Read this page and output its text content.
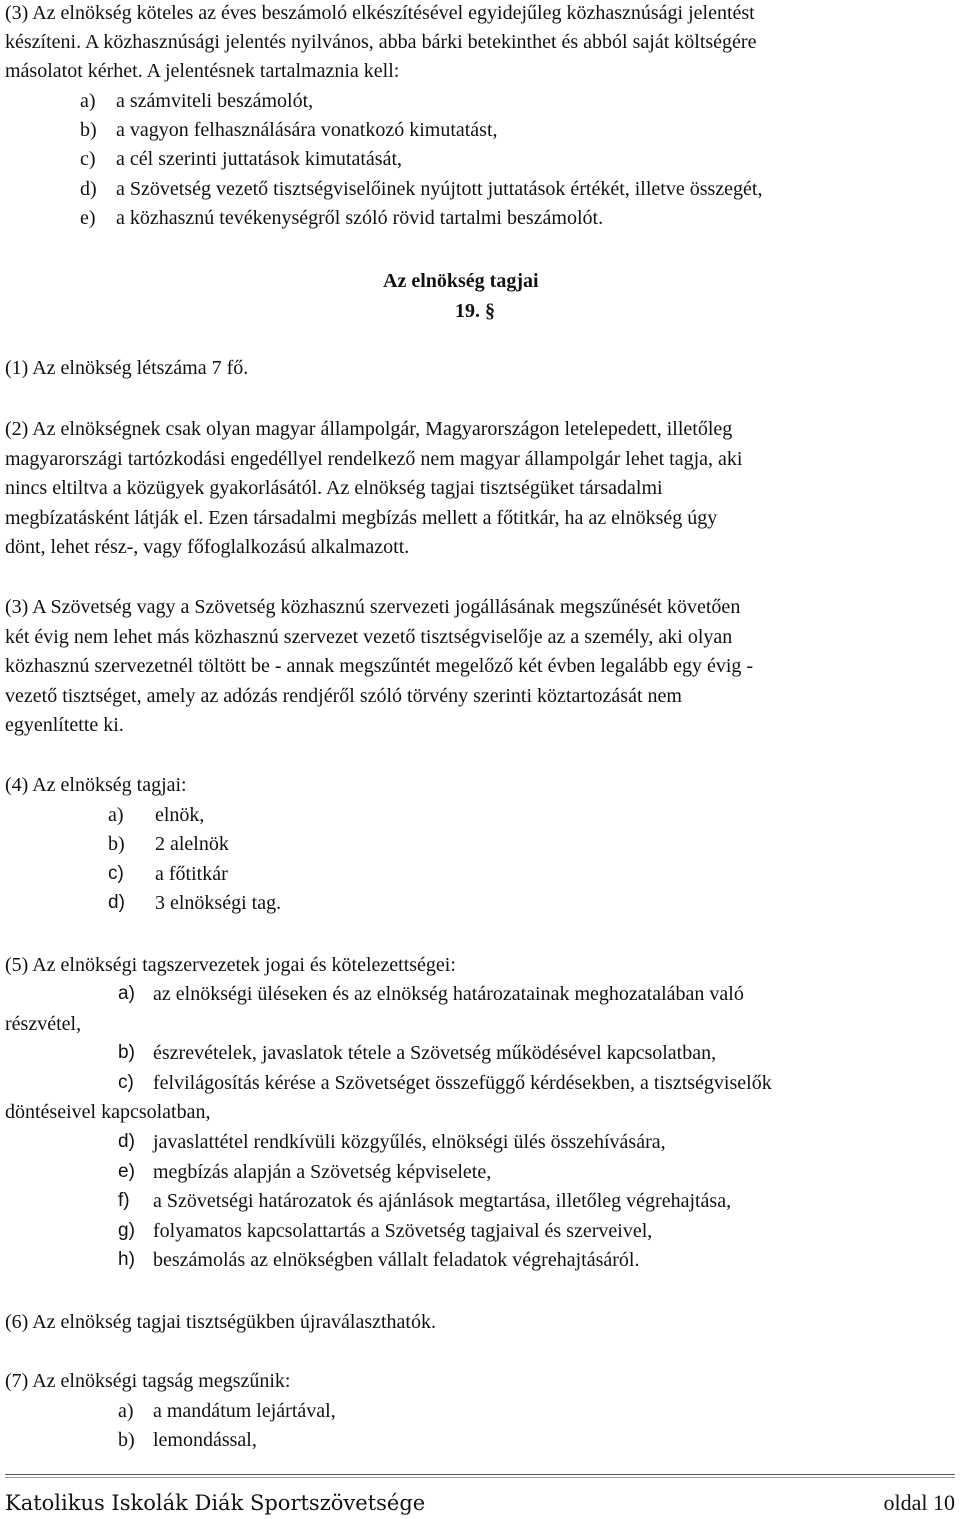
(3) Az elnökség köteles az éves beszámoló elkészítésével egyidejűleg közhasznúsági jelentést
készíteni. A közhasznúsági jelentés nyilvános, abba bárki betekinthet és abból saját költségére
másolatot kérhet. A jelentésnek tartalmaznia kell:
a) a számviteli beszámolót,
b) a vagyon felhasználására vonatkozó kimutatást,
c) a cél szerinti juttatások kimutatását,
d) a Szövetség vezető tisztségviselőinek nyújtott juttatások értékét, illetve összegét,
e) a közhasznú tevékenységről szóló rövid tartalmi beszámolót.
Az elnökség tagjai
19. §
(1) Az elnökség létszáma 7 fő.
(2) Az elnökségnek csak olyan magyar állampolgár, Magyarországon letelepedett, illetőleg
magyarországi tartózkodási engedéllyel rendelkező nem magyar állampolgár lehet tagja, aki
nincs eltiltva a közügyek gyakorlásától. Az elnökség tagjai tisztségüket társadalmi
megbízatásként látják el. Ezen társadalmi megbízás mellett a főtitkár, ha az elnökség úgy
dönt, lehet rész-, vagy főfoglalkozású alkalmazott.
(3) A Szövetség vagy a Szövetség közhasznú szervezeti jogállásának megszűnését követően
két évig nem lehet más közhasznú szervezet vezető tisztségviselője az a személy, aki olyan
közhasznú szervezetnél töltött be - annak megszűntét megelőző két évben legalább egy évig -
vezető tisztséget, amely az adózás rendjéről szóló törvény szerinti köztartozását nem
egyenlítette ki.
(4) Az elnökség tagjai:
a) elnök,
b) 2 alelnök
c) a főtitkár
d) 3 elnökségi tag.
(5) Az elnökségi tagszervezetek jogai és kötelezettségei:
a) az elnökségi üléseken és az elnökség határozatainak meghozatalában való
részvétel,
b) észrevételek, javaslatok tétele a Szövetség működésével kapcsolatban,
c) felvilágosítás kérése a Szövetséget összefüggő kérdésekben, a tisztségviselők
döntéseivel kapcsolatban,
d) javaslattétel rendkívüli közgyűlés, elnökségi ülés összehívására,
e) megbízás alapján a Szövetség képviselete,
f) a Szövetségi határozatok és ajánlások megtartása, illetőleg végrehajtása,
g) folyamatos kapcsolattartás a Szövetség tagjaival és szerveivel,
h) beszámolás az elnökségben vállalt feladatok végrehajtásáról.
(6) Az elnökség tagjai tisztségükben újraválaszthatók.
(7) Az elnökségi tagság megszűnik:
a) a mandátum lejártával,
b) lemondással,
Katolikus Iskolák Diák Sportszövetsége	oldal 10
